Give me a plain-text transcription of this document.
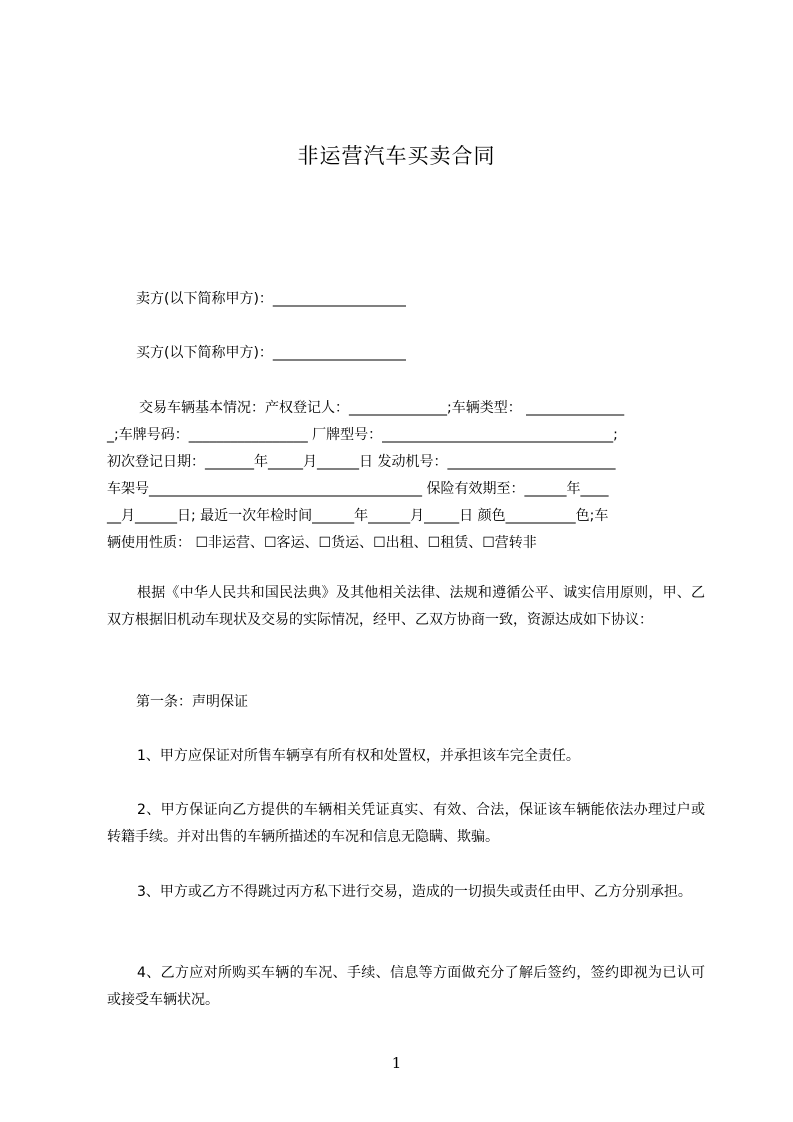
非运营汽车买卖合同
卖方(以下简称甲方)：___________________
买方(以下简称甲方)：___________________
交易车辆基本情况：产权登记人：______________;车辆类型： ______________
_;车牌号码：_________________ 厂牌型号：_________________________________;
初次登记日期：_______年_____月______日 发动机号：________________________
车架号_______________________________________ 保险有效期至：______年____
__月______日; 最近一次年检时间______年______月_____日 颜色__________色;车
辆使用性质： ☐非运营、☐客运、☐货运、☐出租、☐租赁、☐营转非
根据《中华人民共和国民法典》及其他相关法律、法规和遵循公平、诚实信用原则，甲、乙双方根据旧机动车现状及交易的实际情况，经甲、乙双方协商一致，资源达成如下协议：
第一条：声明保证
1、甲方应保证对所售车辆享有所有权和处置权，并承担该车完全责任。
2、甲方保证向乙方提供的车辆相关凭证真实、有效、合法，保证该车辆能依法办理过户或转籍手续。并对出售的车辆所描述的车况和信息无隐瞒、欺骗。
3、甲方或乙方不得跳过丙方私下进行交易，造成的一切损失或责任由甲、乙方分别承担。
4、乙方应对所购买车辆的车况、手续、信息等方面做充分了解后签约，签约即视为已认可或接受车辆状况。
1
